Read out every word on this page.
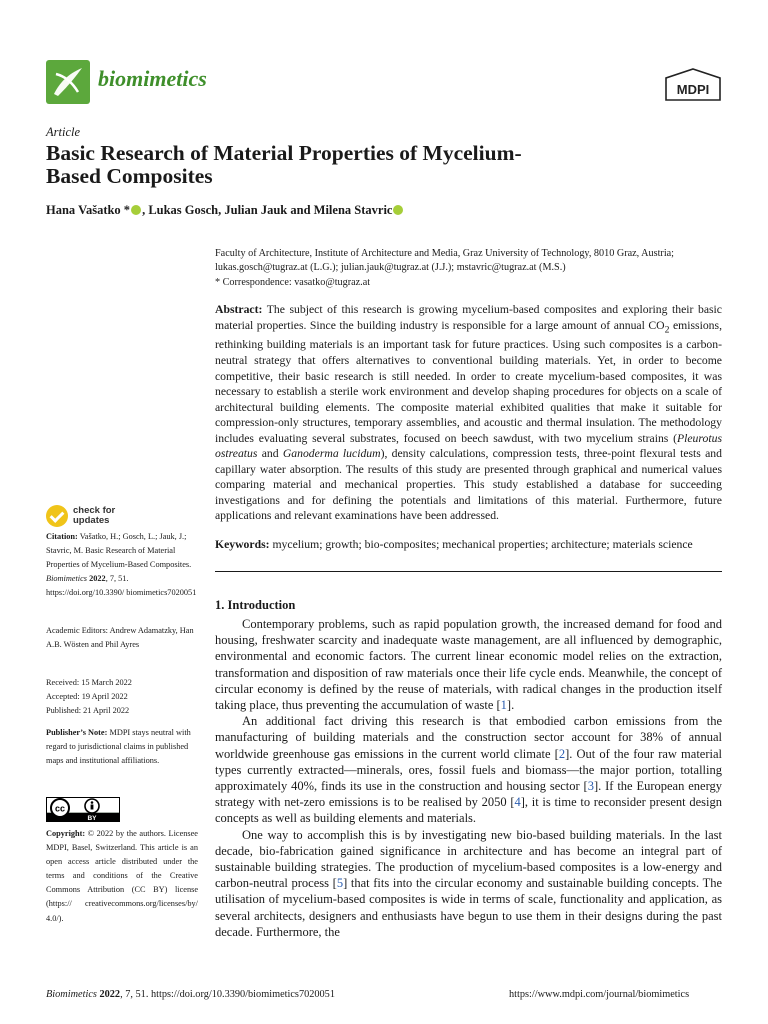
biomimetics	MDPI
Article
Basic Research of Material Properties of Mycelium-Based Composites
Hana Vašatko * , Lukas Gosch, Julian Jauk and Milena Stavric

Faculty of Architecture, Institute of Architecture and Media, Graz University of Technology, 8010 Graz, Austria;

lukas.gosch@tugraz.at (L.G.); julian.jauk@tugraz.at (J.J.); mstavric@tugraz.at (M.S.)

* Correspondence: vasatko@tugraz.at

Abstract: The subject of this research is growing mycelium-based composites and exploring their basic material properties. Since the building industry is responsible for a large amount of annual $CO_2$ emissions, rethinking building materials is an important task for future practices. Using such composites is a carbon-neutral strategy that offers alternatives to conventional building materials. Yet, in order to become competitive, their basic research is still needed. In order to create mycelium-based composites, it was necessary to establish a sterile work environment and develop shaping procedures for objects on a scale of architectural building elements. The composite material exhibited qualities that make it suitable for compression-only structures, temporary assemblies, and acoustic and thermal insulation. The methodology includes evaluating several substrates, focused on beech sawdust, with two mycelium strains (Pleurotus ostreatus and Ganoderma lucidum), density calculations, compression tests, three-point flexural tests and capillary water absorption. The results of this study are presented through graphical and numerical values comparing material and mechanical properties. This study established a database for succeeding investigations and for defining the potentials and limitations of this material. Furthermore, future applications and relevant examinations have been addressed.
Keywords: mycelium; growth; bio-composites; mechanical properties; architecture; materials science
1. Introduction

Contemporary problems, such as rapid population growth, the increased demand for food and housing, freshwater scarcity and inadequate waste management, are all influenced by demographic, environmental and economic factors. The current linear economic model relies on the extraction, transformation and disposition of raw materials once their life cycle ends. Meanwhile, the concept of circular economy is defined by the reuse of materials, with radical changes in the production itself taking place, thus preventing the accumulation of waste [1].

An additional fact driving this research is that embodied carbon emissions from the manufacturing of building materials and the construction sector account for 38% of annual worldwide greenhouse gas emissions in the current world climate [2]. Out of the four raw material types currently extracted—minerals, ores, fossil fuels and biomass—the major portion, totalling approximately 40%, finds its use in the construction and housing sector [3]. If the European energy strategy with net-zero emissions is to be realised by 2050 [4], it is time to reconsider present design concepts as well as building elements and materials.

One way to accomplish this is by investigating new bio-based building materials. In the last decade, bio-fabrication gained significance in architecture and has become an integral part of sustainable building strategies. The production of mycelium-based composites is a low-energy and carbon-neutral process [5] that fits into the circular economy and sustainable building concepts. The utilisation of mycelium-based composites is wide in terms of scale, functionality and application, as several architects, designers and enthusiasts have begun to use them in their designs during the past decade. Furthermore, the

check for
updates

Citation: Vašatko, H.; Gosch, L.; Jauk, J.; Stavric, M. Basic Research of Material Properties of Mycelium-Based Composites. Biomimetics 2022, 7, 51. https://doi.org/10.3390/ biomimetics7020051

Academic Editors: Andrew Adamatzky, Han A.B. Wösten and Phil Ayres

Received: 15 March 2022

Accepted: 19 April 2022

Published: 21 April 2022

Publisher’s Note: MDPI stays neutral with regard to jurisdictional claims in published maps and institutional affiliations.

cc
BY

Copyright: © 2022 by the authors. Licensee MDPI, Basel, Switzerland. This article is an open access article distributed under the terms and conditions of the Creative Commons Attribution (CC BY) license (https:// creativecommons.org/licenses/by/ 4.0/).

Biomimetics 2022, 7, 51. https://doi.org/10.3390/biomimetics7020051	https://www.mdpi.com/journal/biomimetics
